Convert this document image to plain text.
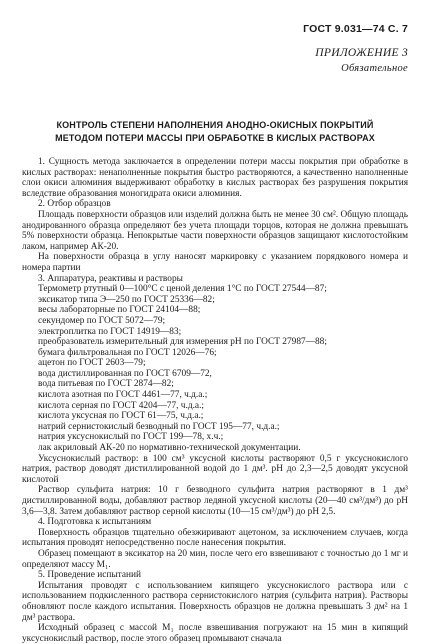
ГОСТ 9.031—74 С. 7
ПРИЛОЖЕНИЕ 3
Обязательное
КОНТРОЛЬ СТЕПЕНИ НАПОЛНЕНИЯ АНОДНО-ОКИСНЫХ ПОКРЫТИЙ
МЕТОДОМ ПОТЕРИ МАССЫ ПРИ ОБРАБОТКЕ В КИСЛЫХ РАСТВОРАХ

1. Сущность метода заключается в определении потери массы покрытия при обработке в кислых растворах: ненаполненные покрытия быстро растворяются, а качественно наполненные слои окиси алюминия выдерживают обработку в кислых растворах без разрушения покрытия вследствие образования моногидрата окиси алюминия.

2. Отбор образцов

Площадь поверхности образцов или изделий должна быть не менее 30 см². Общую площадь анодированного образца определяют без учета площади торцов, которая не должна превышать 5% поверхности образца. Непокрытые части поверхности образцов защищают кислотостойким лаком, например АК-20.

На поверхности образца в углу наносят маркировку с указанием порядкового номера и номера партии

3. Аппаратура, реактивы и растворы

Термометр ртутный 0—100°С с ценой деления 1°С по ГОСТ 27544—87;

эксикатор типа Э—250 по ГОСТ 25336—82;

весы лабораторные по ГОСТ 24104—88;

секундомер по ГОСТ 5072—79;

электроплитка по ГОСТ 14919—83;

преобразователь измерительный для измерения pH по ГОСТ 27987—88;

бумага фильтровальная по ГОСТ 12026—76;

ацетон по ГОСТ 2603—79;

вода дистиллированная по ГОСТ 6709—72,

вода питьевая по ГОСТ 2874—82;

кислота азотная по ГОСТ 4461—77, ч.д.а.;

кислота серная по ГОСТ 4204—77, ч.д.а.;

кислота уксусная по ГОСТ 61—75, ч.д.а.;

натрий сернистокислый безводный по ГОСТ 195—77, ч.д.а.;

натрия уксуснокислый по ГОСТ 199—78, х.ч.;

лак акриловый АК-20 по нормативно-технической документации.

Уксуснокислый раствор: в 100 см³ уксусной кислоты растворяют 0,5 г уксуснокислого натрия, раствор доводят дистиллированной водой до 1 дм³. pH до 2,3—2,5 доводят уксусной кислотой

Раствор сульфита натрия: 10 г безводного сульфита натрия растворяют в 1 дм³ дистиллированной воды, добавляют раствор ледяной уксусной кислоты (20—40 см³/дм³) до pH 3,6—3,8. Затем добавляют раствор серной кислоты (10—15 см³/дм³) до pH 2,5.

4. Подготовка к испытаниям

Поверхность образцов тщательно обезжиривают ацетоном, за исключением случаев, когда испытания проводят непосредственно после нанесения покрытия.

Образец помещают в эксикатор на 20 мин, после чего его взвешивают с точностью до 1 мг и определяют массу M₁.

5. Проведение испытаний

Испытания проводят с использованием кипящего уксуснокислого раствора или с использованием подкисленного раствора сернистокислого натрия (сульфита натрия). Растворы обновляют после каждого испытания. Поверхность образцов не должна превышать 3 дм² на 1 дм³ раствора.

Исходный образец с массой M₁ после взвешивания погружают на 15 мин в кипящий уксуснокислый раствор, после этого образец промывают сначала
